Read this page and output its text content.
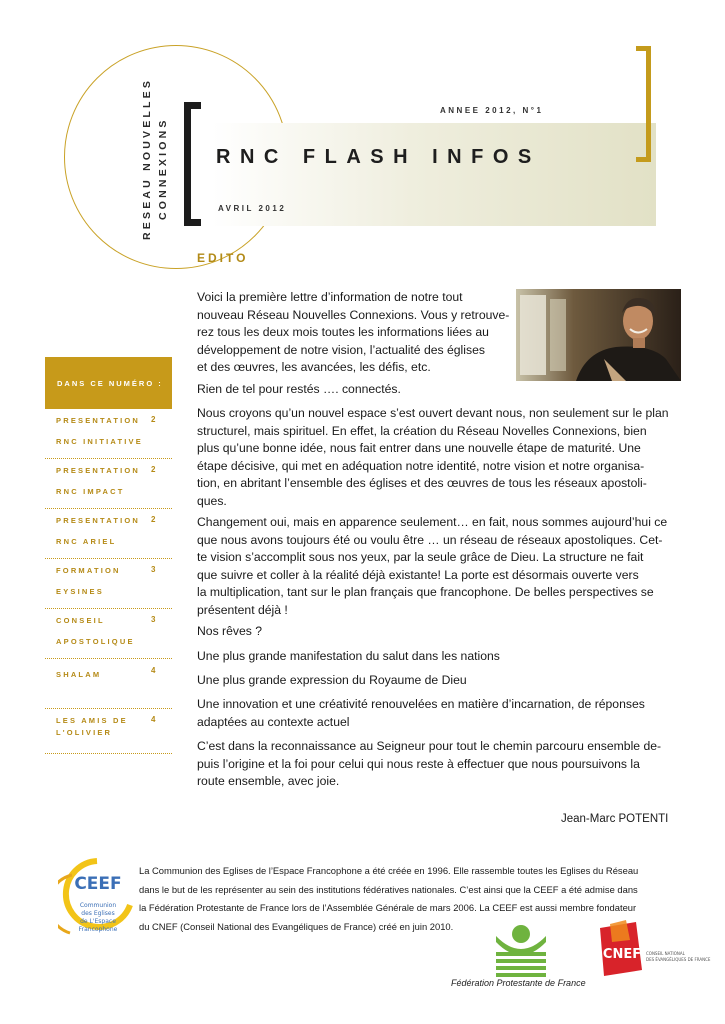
RESEAU NOUVELLES CONNEXIONS
ANNEE 2012, N°1
RNC FLASH INFOS
AVRIL 2012
EDITO
DANS CE NUMÉRO :
PRESENTATION
RNC INITIATIVE
2
PRESENTATION
RNC IMPACT
2
PRESENTATION
RNC ARIEL
2
FORMATION
EYSINES
3
CONSEIL
APOSTOLIQUE
3
SHALAM	4
LES AMIS DE
L'OLIVIER
4
Voici la première lettre d’information de notre tout
nouveau Réseau Nouvelles Connexions. Vous y retrouve-
rez tous les deux mois toutes les informations liées au
développement de notre vision, l’actualité des églises
et des œuvres, les avancées, les défis, etc.
Rien de tel pour restés …. connectés.
Nous croyons qu’un nouvel espace s’est ouvert devant nous, non seulement sur le plan
structurel, mais spirituel. En effet, la création du Réseau Novelles Connexions, bien
plus qu’une bonne idée, nous fait entrer dans une nouvelle étape de maturité. Une
étape décisive, qui met en adéquation notre identité, notre vision et notre organisa-
tion, en abritant l’ensemble des églises et des œuvres de tous les réseaux apostoli-
ques.
Changement oui, mais en apparence seulement… en fait, nous sommes aujourd’hui ce
que nous avons toujours été ou voulu être … un réseau de réseaux apostoliques. Cet-
te vision s’accomplit sous nos yeux, par la seule grâce de Dieu. La structure ne fait
que suivre et coller à la réalité déjà existante! La porte est désormais ouverte vers
la multiplication, tant sur le plan français que francophone. De belles perspectives se
présentent déjà !
Nos rêves ?
Une plus grande manifestation du salut dans les nations
Une plus grande expression du Royaume de Dieu
Une innovation et une créativité renouvelées en matière d’incarnation, de réponses
adaptées au contexte actuel
C’est dans la reconnaissance au Seigneur pour tout le chemin parcouru ensemble de-
puis l’origine et la foi pour celui qui nous reste à effectuer que nous poursuivons la
route ensemble, avec joie.
Jean-Marc POTENTI
CEEF
Communion
des Eglises
de L'Espace
Francophone
La Communion des Eglises de l’Espace Francophone a été créée en 1996. Elle rassemble toutes les Eglises du Réseau
dans le but de les représenter au sein des institutions fédératives nationales. C’est ainsi que la CEEF a été admise dans
la Fédération Protestante de France lors de l’Assemblée Générale de mars 2006. La CEEF est aussi membre fondateur
du CNEF (Conseil National des Evangéliques de France) créé en juin 2010.
Fédération Protestante de France
CNEF CONSEIL NATIONAL
DES ÉVANGÉLIQUES DE FRANCE
